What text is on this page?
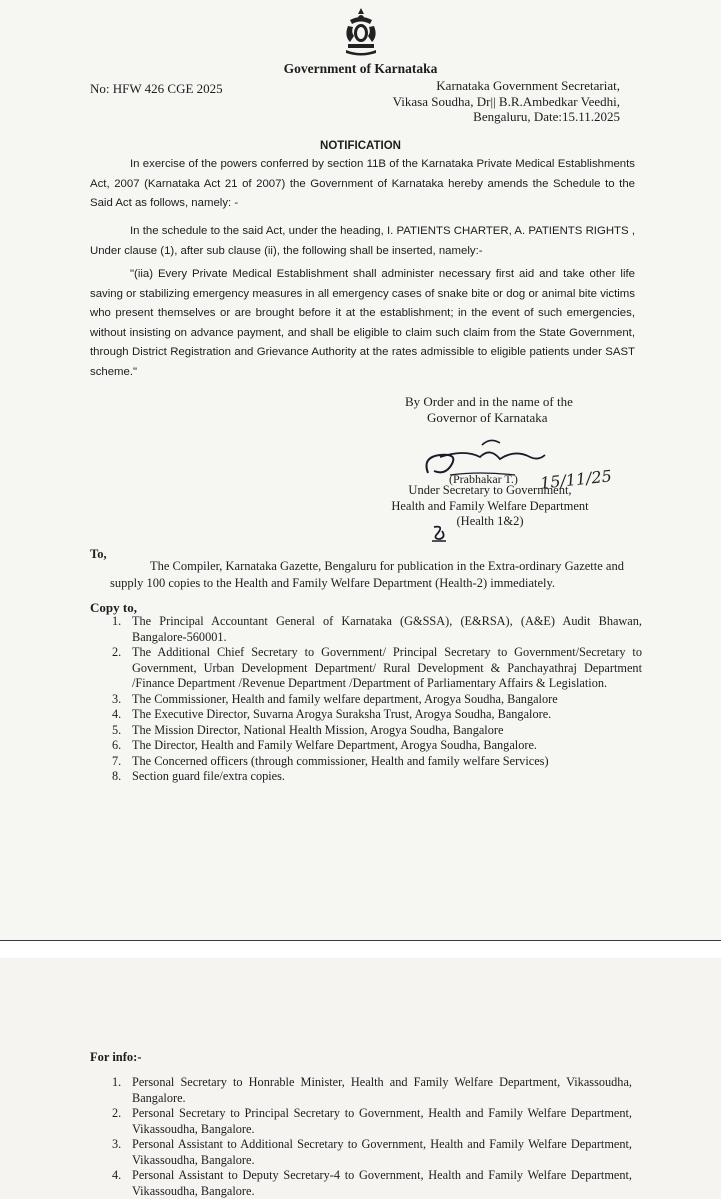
Government of Karnataka
No: HFW 426 CGE 2025	Karnataka Government Secretariat,
Vikasa Soudha, Dr|| B.R.Ambedkar Veedhi,
Bengaluru, Date:15.11.2025
NOTIFICATION
In exercise of the powers conferred by section 11B of the Karnataka Private Medical Establishments Act, 2007 (Karnataka Act 21 of 2007) the Government of Karnataka hereby amends the Schedule to the Said Act as follows, namely: -
In the schedule to the said Act, under the heading, I. PATIENTS CHARTER, A. PATIENTS RIGHTS , Under clause (1), after sub clause (ii), the following shall be inserted, namely:-
"(iia) Every Private Medical Establishment shall administer necessary first aid and take other life saving or stabilizing emergency measures in all emergency cases of snake bite or dog or animal bite victims who present themselves or are brought before it at the establishment; in the event of such emergencies, without insisting on advance payment, and shall be eligible to claim such claim from the State Government, through District Registration and Grievance Authority at the rates admissible to eligible patients under SAST scheme."
By Order and in the name of the
Governor of Karnataka
(Prabhakar T.) 15/11/25
Under Secretary to Government,
Health and Family Welfare Department
(Health 1&2)
To,
The Compiler, Karnataka Gazette, Bengaluru for publication in the Extra-ordinary Gazette and supply 100 copies to the Health and Family Welfare Department (Health-2) immediately.
Copy to,
1. The Principal Accountant General of Karnataka (G&SSA), (E&RSA), (A&E) Audit Bhawan, Bangalore-560001.
2. The Additional Chief Secretary to Government/ Principal Secretary to Government/Secretary to Government, Urban Development Department/ Rural Development & Panchayathraj Department /Finance Department /Revenue Department /Department of Parliamentary Affairs & Legislation.
3. The Commissioner, Health and family welfare department, Arogya Soudha, Bangalore
4. The Executive Director, Suvarna Arogya Suraksha Trust, Arogya Soudha, Bangalore.
5. The Mission Director, National Health Mission, Arogya Soudha, Bangalore
6. The Director, Health and Family Welfare Department, Arogya Soudha, Bangalore.
7. The Concerned officers (through commissioner, Health and family welfare Services)
8. Section guard file/extra copies.
For info:-
1. Personal Secretary to Honrable Minister, Health and Family Welfare Department, Vikassoudha, Bangalore.
2. Personal Secretary to Principal Secretary to Government, Health and Family Welfare Department, Vikassoudha, Bangalore.
3. Personal Assistant to Additional Secretary to Government, Health and Family Welfare Department, Vikassoudha, Bangalore.
4. Personal Assistant to Deputy Secretary-4 to Government, Health and Family Welfare Department, Vikassoudha, Bangalore.
